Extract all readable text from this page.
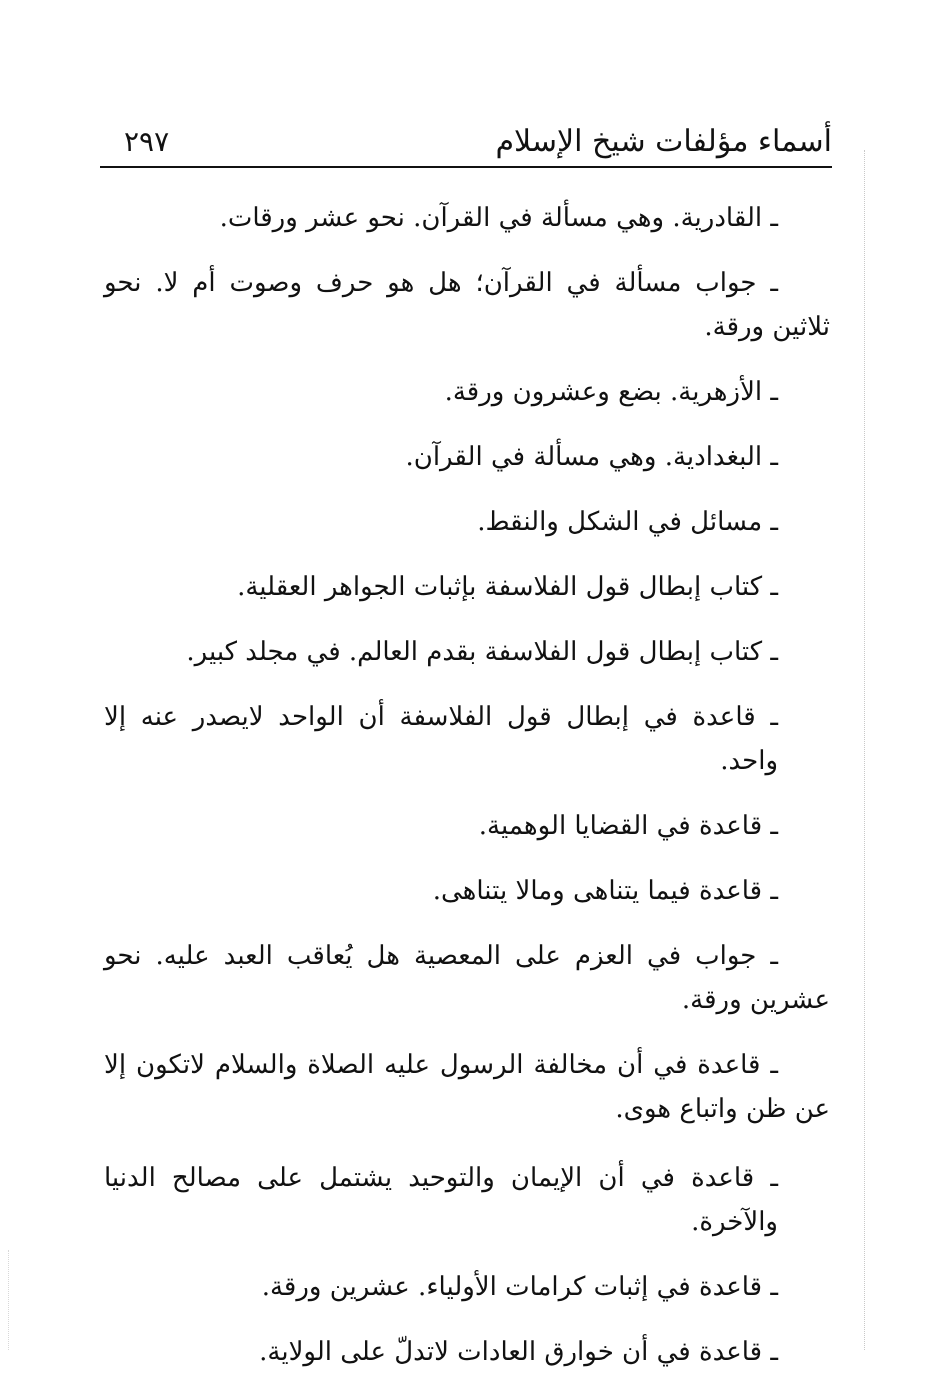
أسماء مؤلفات شيخ الإسلام
٢٩٧

ـ القادرية. وهي مسألة في القرآن. نحو عشر ورقات.

ـ جواب مسألة في القرآن؛ هل هو حرف وصوت أم لا. نحو ثلاثين ورقة.

ـ الأزهرية. بضع وعشرون ورقة.

ـ البغدادية. وهي مسألة في القرآن.

ـ مسائل في الشكل والنقط.

ـ كتاب إبطال قول الفلاسفة بإثبات الجواهر العقلية.

ـ كتاب إبطال قول الفلاسفة بقدم العالم. في مجلد كبير.

ـ قاعدة في إبطال قول الفلاسفة أن الواحد لايصدر عنه إلا واحد.

ـ قاعدة في القضايا الوهمية.

ـ قاعدة فيما يتناهى ومالا يتناهى.

ـ جواب في العزم على المعصية هل يُعاقب العبد عليه. نحو عشرين ورقة.

ـ قاعدة في أن مخالفة الرسول عليه الصلاة والسلام لاتكون إلا عن ظن واتباع هوى.

ـ قاعدة في أن الإيمان والتوحيد يشتمل على مصالح الدنيا والآخرة.

ـ قاعدة في إثبات كرامات الأولياء. عشرين ورقة.

ـ قاعدة في أن خوارق العادات لاتدلّ على الولاية.
